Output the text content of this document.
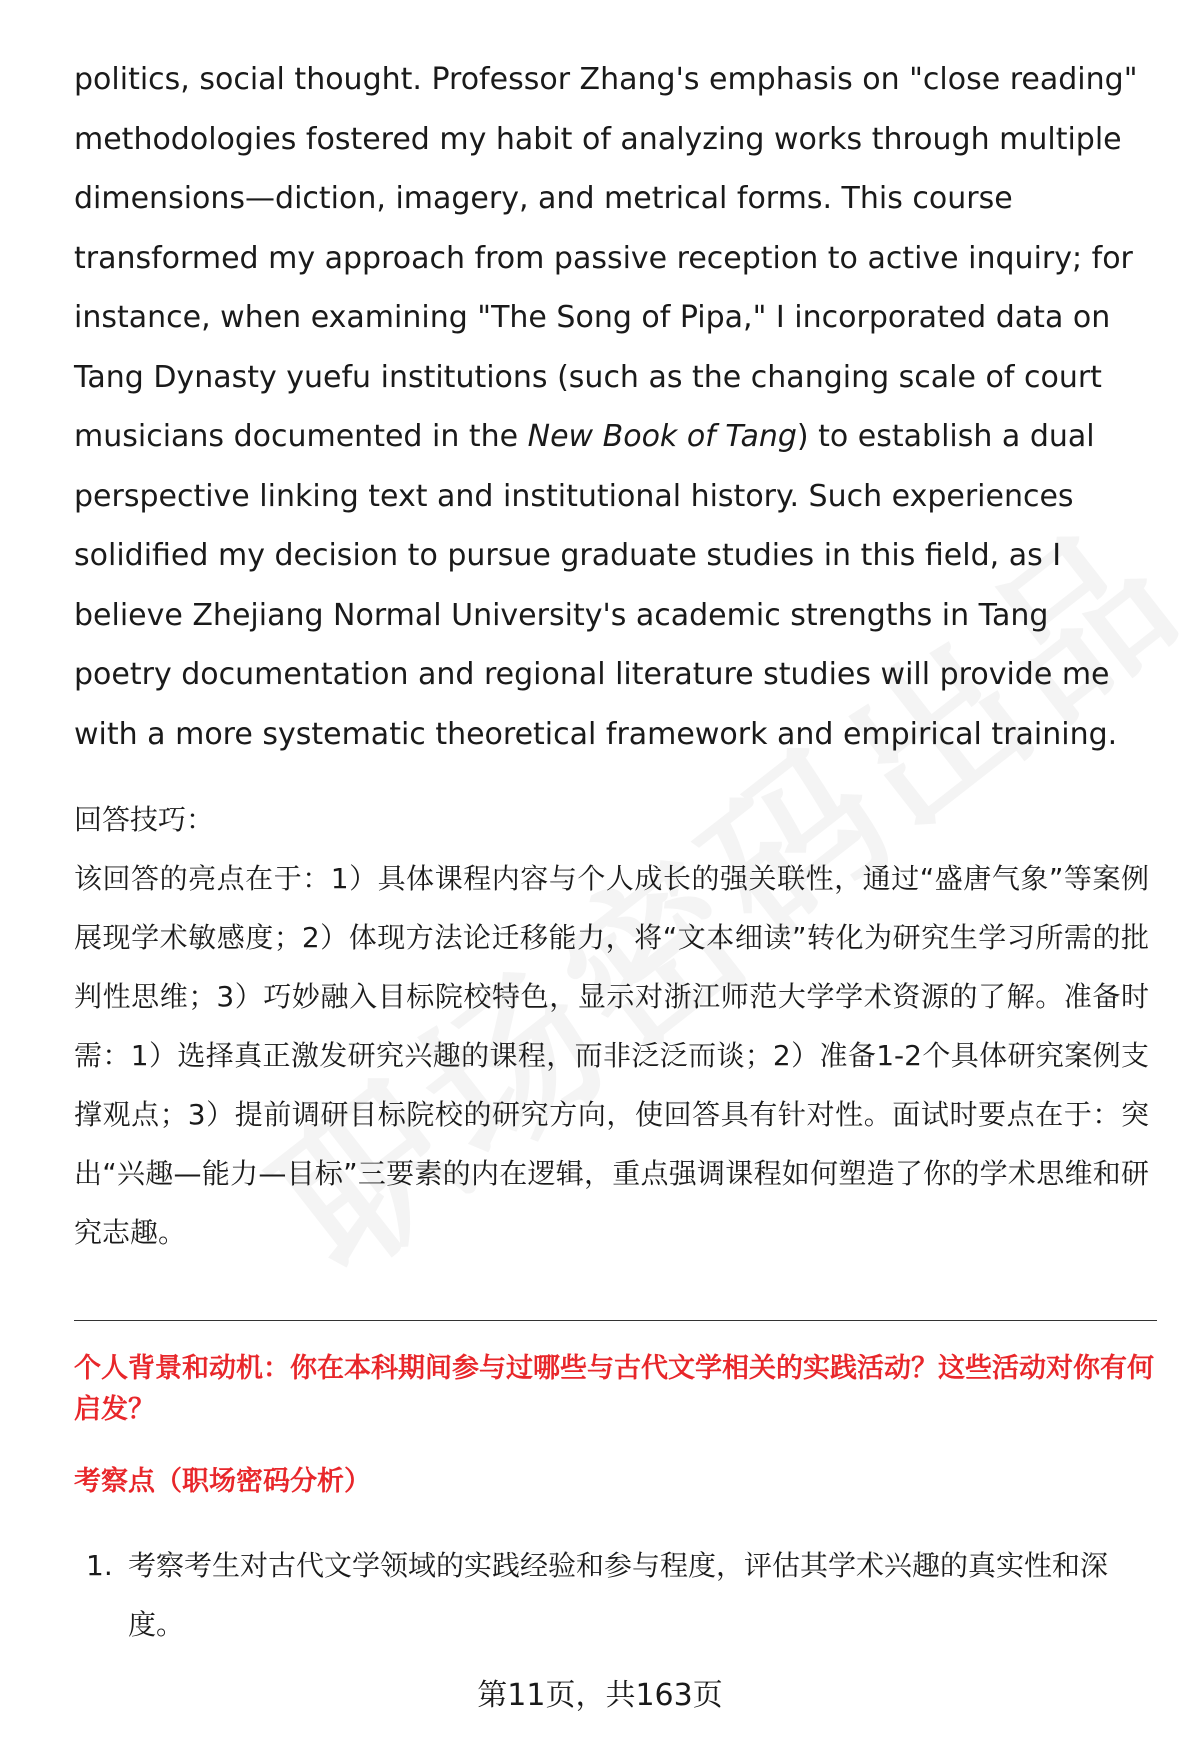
politics, social thought. Professor Zhang's emphasis on "close reading" methodologies fostered my habit of analyzing works through multiple dimensions—diction, imagery, and metrical forms. This course transformed my approach from passive reception to active inquiry; for instance, when examining "The Song of Pipa," I incorporated data on Tang Dynasty yuefu institutions (such as the changing scale of court musicians documented in the New Book of Tang) to establish a dual perspective linking text and institutional history. Such experiences solidified my decision to pursue graduate studies in this field, as I believe Zhejiang Normal University's academic strengths in Tang poetry documentation and regional literature studies will provide me with a more systematic theoretical framework and empirical training.

回答技巧：

该回答的亮点在于：1）具体课程内容与个人成长的强关联性，通过“盛唐气象”等案例展现学术敏感度；2）体现方法论迁移能力，将“文本细读”转化为研究生学习所需的批判性思维；3）巧妙融入目标院校特色，显示对浙江师范大学学术资源的了解。准备时需：1）选择真正激发研究兴趣的课程，而非泛泛而谈；2）准备1-2个具体研究案例支撑观点；3）提前调研目标院校的研究方向，使回答具有针对性。面试时要点在于：突出“兴趣—能力—目标”三要素的内在逻辑，重点强调课程如何塑造了你的学术思维和研究志趣。

个人背景和动机：你在本科期间参与过哪些与古代文学相关的实践活动？这些活动对你有何启发？

考察点（职场密码分析）

1. 考察考生对古代文学领域的实践经验和参与程度，评估其学术兴趣的真实性和深度。
第11页，共163页
